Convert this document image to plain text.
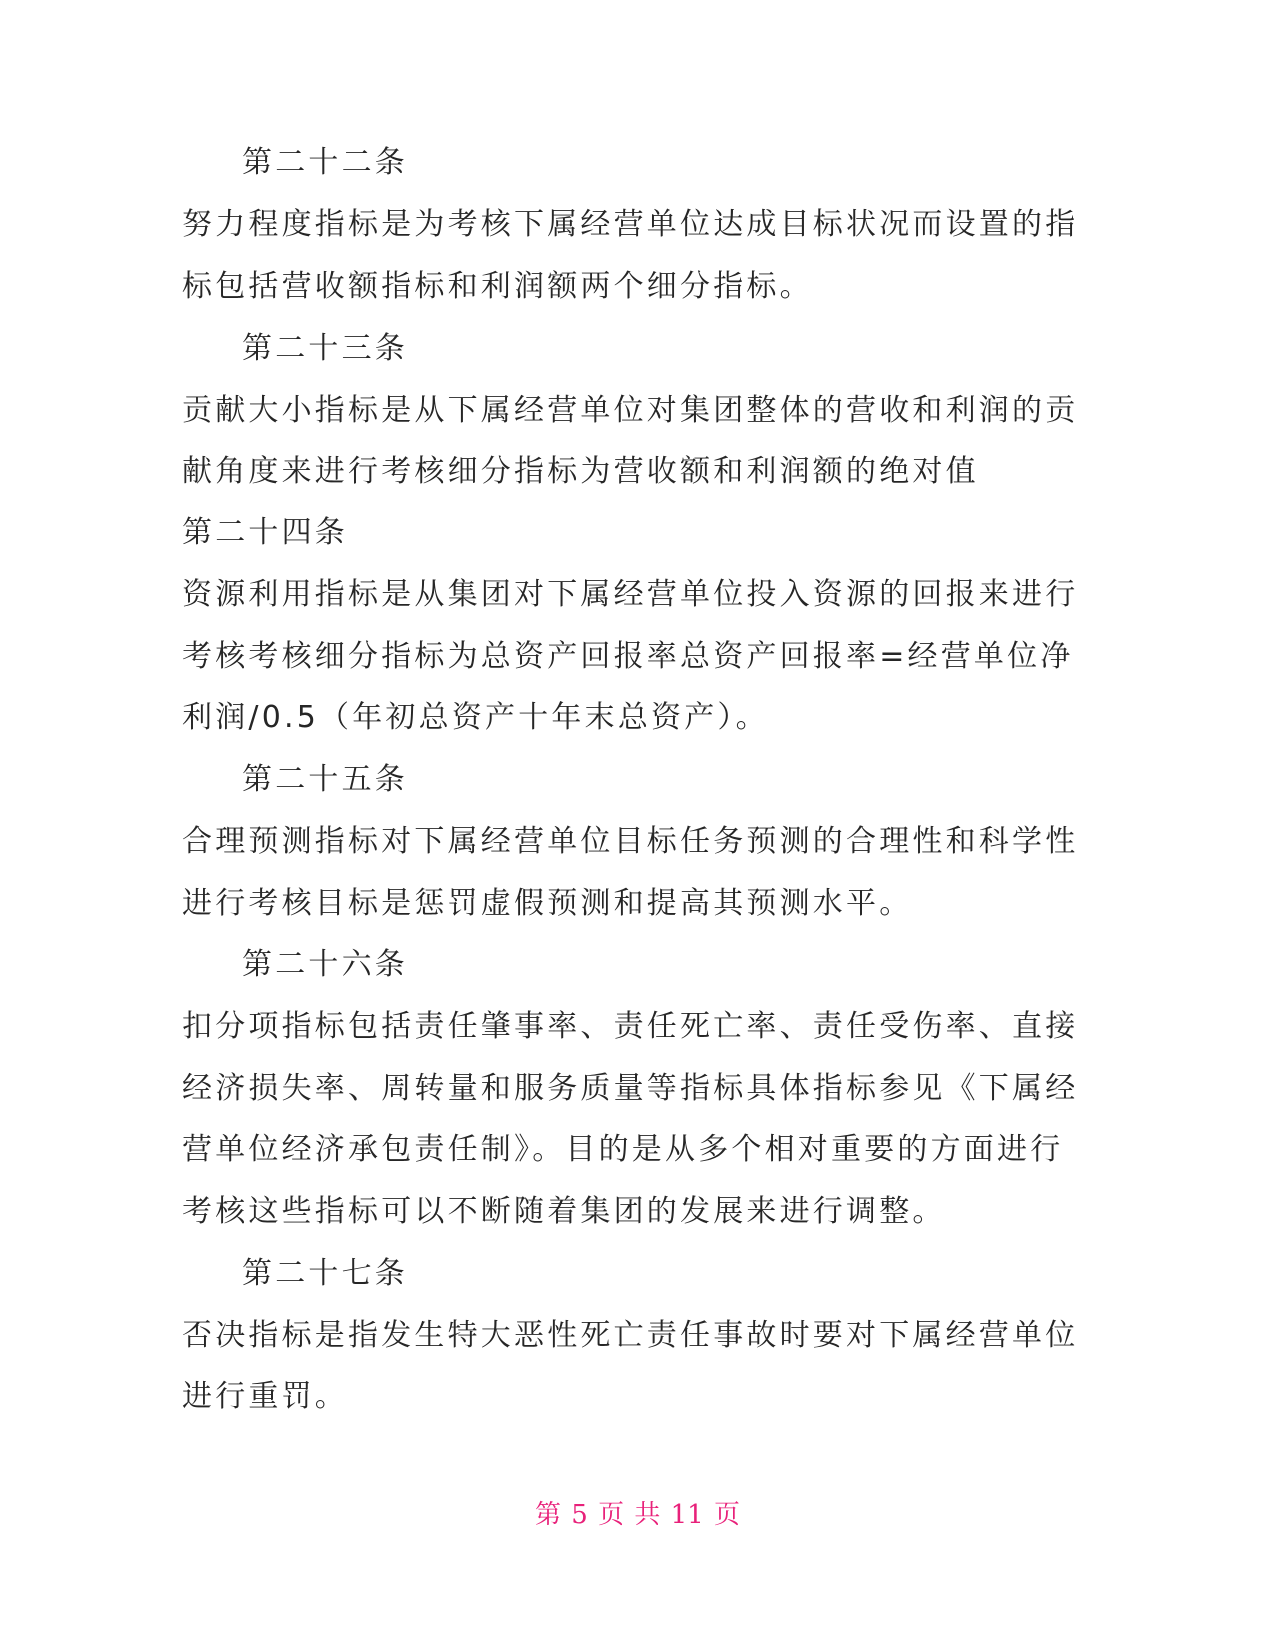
第二十二条
努力程度指标是为考核下属经营单位达成目标状况而设置的指
标包括营收额指标和利润额两个细分指标。
第二十三条
贡献大小指标是从下属经营单位对集团整体的营收和利润的贡
献角度来进行考核细分指标为营收额和利润额的绝对值
第二十四条
资源利用指标是从集团对下属经营单位投入资源的回报来进行
考核考核细分指标为总资产回报率总资产回报率=经营单位净
利润/0.5（年初总资产十年末总资产）。
第二十五条
合理预测指标对下属经营单位目标任务预测的合理性和科学性
进行考核目标是惩罚虚假预测和提高其预测水平。
第二十六条
扣分项指标包括责任肇事率、责任死亡率、责任受伤率、直接
经济损失率、周转量和服务质量等指标具体指标参见《下属经
营单位经济承包责任制》。目的是从多个相对重要的方面进行
考核这些指标可以不断随着集团的发展来进行调整。
第二十七条
否决指标是指发生特大恶性死亡责任事故时要对下属经营单位
进行重罚。
第 5 页 共 11 页
